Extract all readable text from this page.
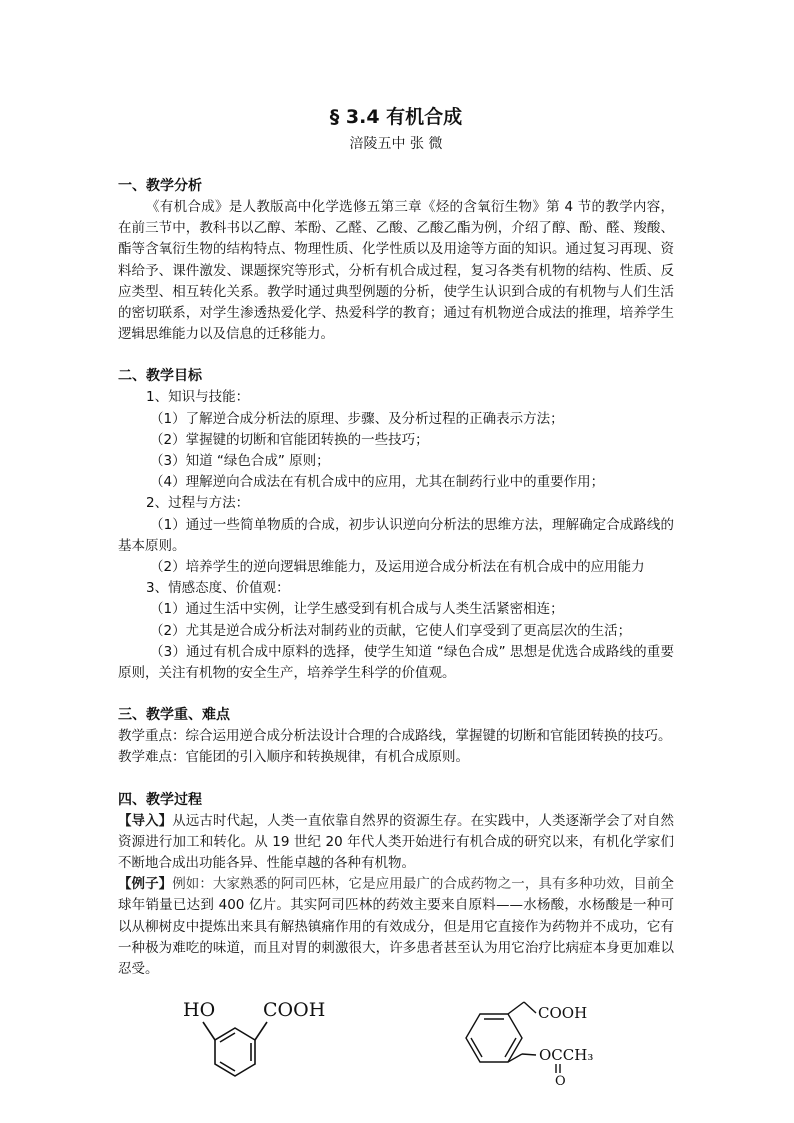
§ 3.4 有机合成

涪陵五中 张 微

一、教学分析

《有机合成》是人教版高中化学选修五第三章《烃的含氧衍生物》第 4 节的教学内容，在前三节中，教科书以乙醇、苯酚、乙醛、乙酸、乙酸乙酯为例，介绍了醇、酚、醛、羧酸、酯等含氧衍生物的结构特点、物理性质、化学性质以及用途等方面的知识。通过复习再现、资料给予、课件激发、课题探究等形式，分析有机合成过程，复习各类有机物的结构、性质、反应类型、相互转化关系。教学时通过典型例题的分析，使学生认识到合成的有机物与人们生活的密切联系，对学生渗透热爱化学、热爱科学的教育；通过有机物逆合成法的推理，培养学生逻辑思维能力以及信息的迁移能力。

二、教学目标

1、知识与技能：

（1）了解逆合成分析法的原理、步骤、及分析过程的正确表示方法；

（2）掌握键的切断和官能团转换的一些技巧；

（3）知道 “绿色合成” 原则；

（4）理解逆向合成法在有机合成中的应用，尤其在制药行业中的重要作用；

2、过程与方法：

（1）通过一些简单物质的合成，初步认识逆向分析法的思维方法，理解确定合成路线的基本原则。

（2）培养学生的逆向逻辑思维能力，及运用逆合成分析法在有机合成中的应用能力

3、情感态度、价值观：

（1）通过生活中实例，让学生感受到有机合成与人类生活紧密相连；

（2）尤其是逆合成分析法对制药业的贡献，它使人们享受到了更高层次的生活；

（3）通过有机合成中原料的选择，使学生知道 “绿色合成” 思想是优选合成路线的重要原则，关注有机物的安全生产，培养学生科学的价值观。

三、教学重、难点

教学重点：综合运用逆合成分析法设计合理的合成路线，掌握键的切断和官能团转换的技巧。

教学难点：官能团的引入顺序和转换规律，有机合成原则。

四、教学过程

【导入】从远古时代起，人类一直依靠自然界的资源生存。在实践中，人类逐渐学会了对自然资源进行加工和转化。从 19 世纪 20 年代人类开始进行有机合成的研究以来，有机化学家们不断地合成出功能各异、性能卓越的各种有机物。

【例子】例如：大家熟悉的阿司匹林，它是应用最广的合成药物之一，具有多种功效，目前全球年销量已达到 400 亿片。其实阿司匹林的药效主要来自原料——水杨酸，水杨酸是一种可以从柳树皮中提炼出来具有解热镇痛作用的有效成分，但是用它直接作为药物并不成功，它有一种极为难吃的味道，而且对胃的刺激很大，许多患者甚至认为用它治疗比病症本身更加难以忍受。

HO	COOH	COOH
OCCH₃
O
